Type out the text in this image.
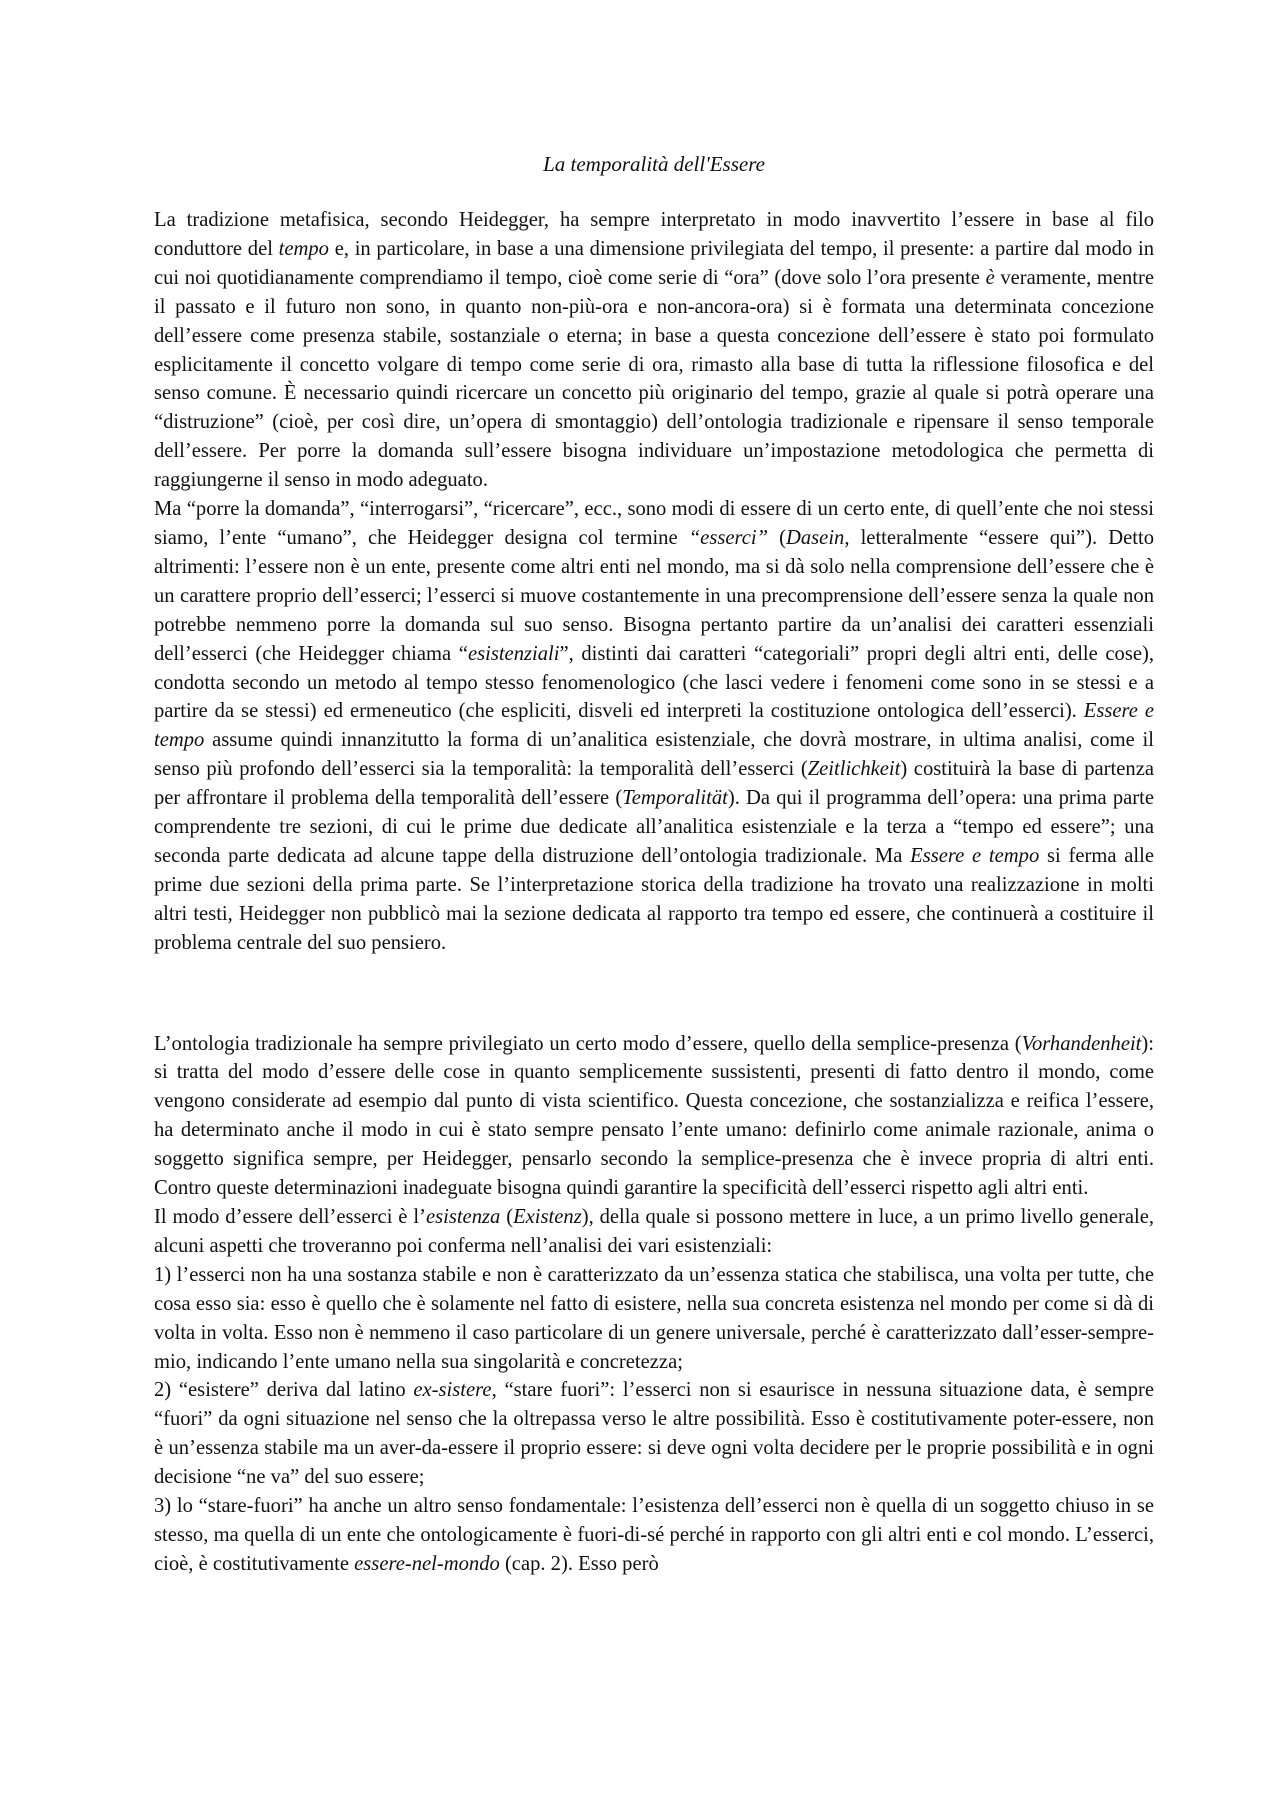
La temporalità dell'Essere

La tradizione metafisica, secondo Heidegger, ha sempre interpretato in modo inavvertito l’essere in base al filo conduttore del tempo e, in particolare, in base a una dimensione privilegiata del tempo, il presente: a partire dal modo in cui noi quotidianamente comprendiamo il tempo, cioè come serie di “ora” (dove solo l’ora presente è veramente, mentre il passato e il futuro non sono, in quanto non-più-ora e non-ancora-ora) si è formata una determinata concezione dell’essere come presenza stabile, sostanziale o eterna; in base a questa concezione dell’essere è stato poi formulato esplicitamente il concetto volgare di tempo come serie di ora, rimasto alla base di tutta la riflessione filosofica e del senso comune. È necessario quindi ricercare un concetto più originario del tempo, grazie al quale si potrà operare una “distruzione” (cioè, per così dire, un’opera di smontaggio) dell’ontologia tradizionale e ripensare il senso temporale dell’essere. Per porre la domanda sull’essere bisogna individuare un’impostazione metodologica che permetta di raggiungerne il senso in modo adeguato.

Ma “porre la domanda”, “interrogarsi”, “ricercare”, ecc., sono modi di essere di un certo ente, di quell’ente che noi stessi siamo, l’ente “umano”, che Heidegger designa col termine “esserci” (Dasein, letteralmente “essere qui”). Detto altrimenti: l’essere non è un ente, presente come altri enti nel mondo, ma si dà solo nella comprensione dell’essere che è un carattere proprio dell’esserci; l’esserci si muove costantemente in una precomprensione dell’essere senza la quale non potrebbe nemmeno porre la domanda sul suo senso. Bisogna pertanto partire da un’analisi dei caratteri essenziali dell’esserci (che Heidegger chiama “esistenziali”, distinti dai caratteri “categoriali” propri degli altri enti, delle cose), condotta secondo un metodo al tempo stesso fenomenologico (che lasci vedere i fenomeni come sono in se stessi e a partire da se stessi) ed ermeneutico (che espliciti, disveli ed interpreti la costituzione ontologica dell’esserci). Essere e tempo assume quindi innanzitutto la forma di un’analitica esistenziale, che dovrà mostrare, in ultima analisi, come il senso più profondo dell’esserci sia la temporalità: la temporalità dell’esserci (Zeitlichkeit) costituirà la base di partenza per affrontare il problema della temporalità dell’essere (Temporalität). Da qui il programma dell’opera: una prima parte comprendente tre sezioni, di cui le prime due dedicate all’analitica esistenziale e la terza a “tempo ed essere”; una seconda parte dedicata ad alcune tappe della distruzione dell’ontologia tradizionale. Ma Essere e tempo si ferma alle prime due sezioni della prima parte. Se l’interpretazione storica della tradizione ha trovato una realizzazione in molti altri testi, Heidegger non pubblicò mai la sezione dedicata al rapporto tra tempo ed essere, che continuerà a costituire il problema centrale del suo pensiero.

L’ontologia tradizionale ha sempre privilegiato un certo modo d’essere, quello della semplice-presenza (Vorhandenheit): si tratta del modo d’essere delle cose in quanto semplicemente sussistenti, presenti di fatto dentro il mondo, come vengono considerate ad esempio dal punto di vista scientifico. Questa concezione, che sostanzializza e reifica l’essere, ha determinato anche il modo in cui è stato sempre pensato l’ente umano: definirlo come animale razionale, anima o soggetto significa sempre, per Heidegger, pensarlo secondo la semplice-presenza che è invece propria di altri enti. Contro queste determinazioni inadeguate bisogna quindi garantire la specificità dell’esserci rispetto agli altri enti.

Il modo d’essere dell’esserci è l’esistenza (Existenz), della quale si possono mettere in luce, a un primo livello generale, alcuni aspetti che troveranno poi conferma nell’analisi dei vari esistenziali:

1) l’esserci non ha una sostanza stabile e non è caratterizzato da un’essenza statica che stabilisca, una volta per tutte, che cosa esso sia: esso è quello che è solamente nel fatto di esistere, nella sua concreta esistenza nel mondo per come si dà di volta in volta. Esso non è nemmeno il caso particolare di un genere universale, perché è caratterizzato dall’esser-sempre-mio, indicando l’ente umano nella sua singolarità e concretezza;

2) “esistere” deriva dal latino ex-sistere, “stare fuori”: l’esserci non si esaurisce in nessuna situazione data, è sempre “fuori” da ogni situazione nel senso che la oltrepassa verso le altre possibilità. Esso è costitutivamente poter-essere, non è un’essenza stabile ma un aver-da-essere il proprio essere: si deve ogni volta decidere per le proprie possibilità e in ogni decisione “ne va” del suo essere;

3) lo “stare-fuori” ha anche un altro senso fondamentale: l’esistenza dell’esserci non è quella di un soggetto chiuso in se stesso, ma quella di un ente che ontologicamente è fuori-di-sé perché in rapporto con gli altri enti e col mondo. L’esserci, cioè, è costitutivamente essere-nel-mondo (cap. 2). Esso però
